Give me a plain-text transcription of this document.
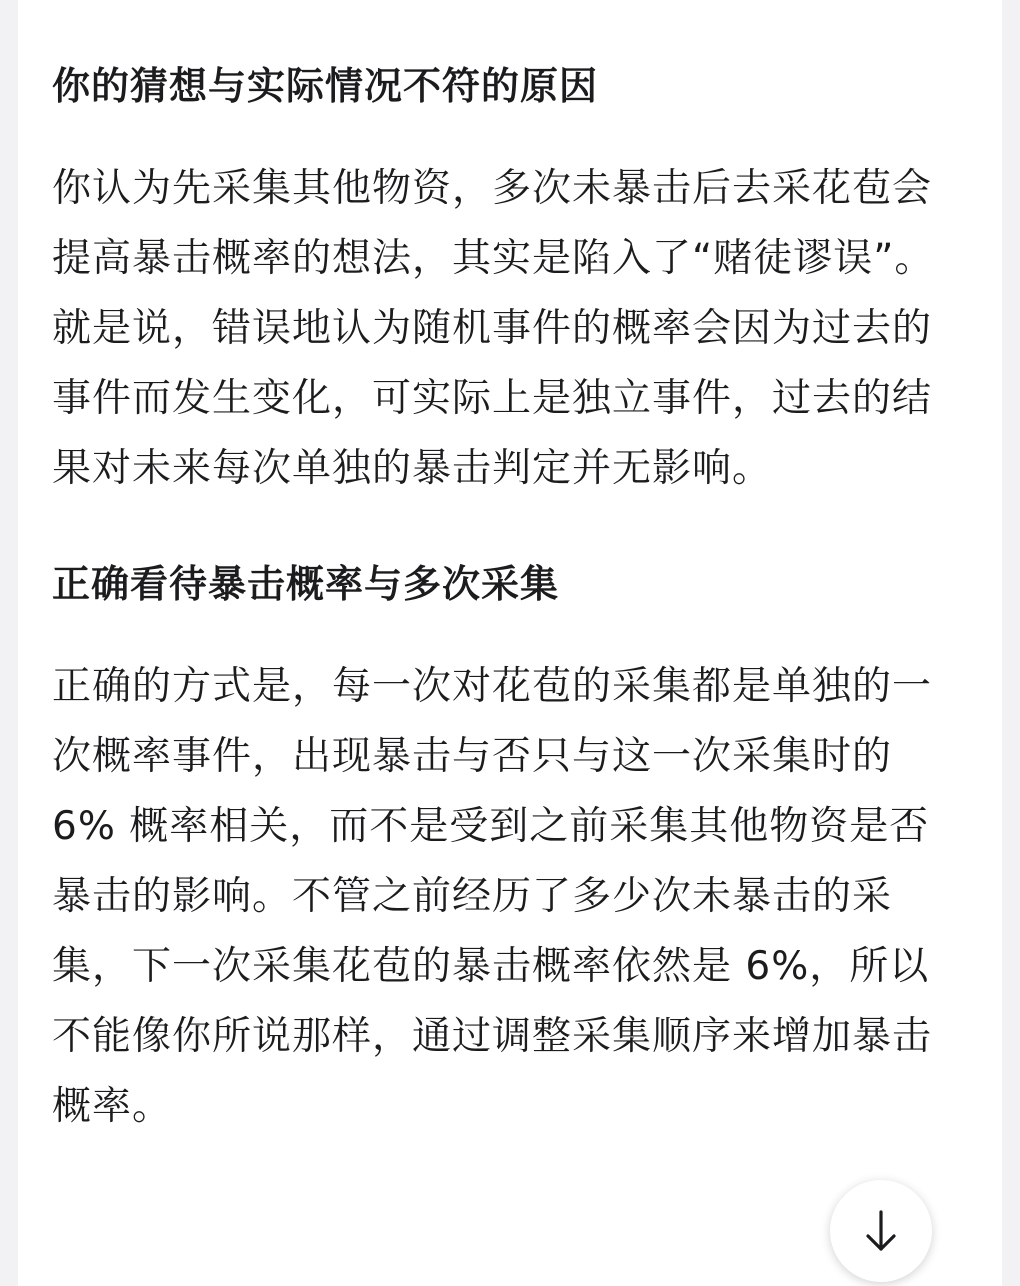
你的猜想与实际情况不符的原因

你认为先采集其他物资，多次未暴击后去采花苞会提高暴击概率的想法，其实是陷入了“赌徒谬误”。就是说，错误地认为随机事件的概率会因为过去的事件而发生变化，可实际上是独立事件，过去的结果对未来每次单独的暴击判定并无影响。

正确看待暴击概率与多次采集

正确的方式是，每一次对花苞的采集都是单独的一次概率事件，出现暴击与否只与这一次采集时的 6% 概率相关，而不是受到之前采集其他物资是否暴击的影响。不管之前经历了多少次未暴击的采集，下一次采集花苞的暴击概率依然是 6%，所以不能像你所说那样，通过调整采集顺序来增加暴击概率。
